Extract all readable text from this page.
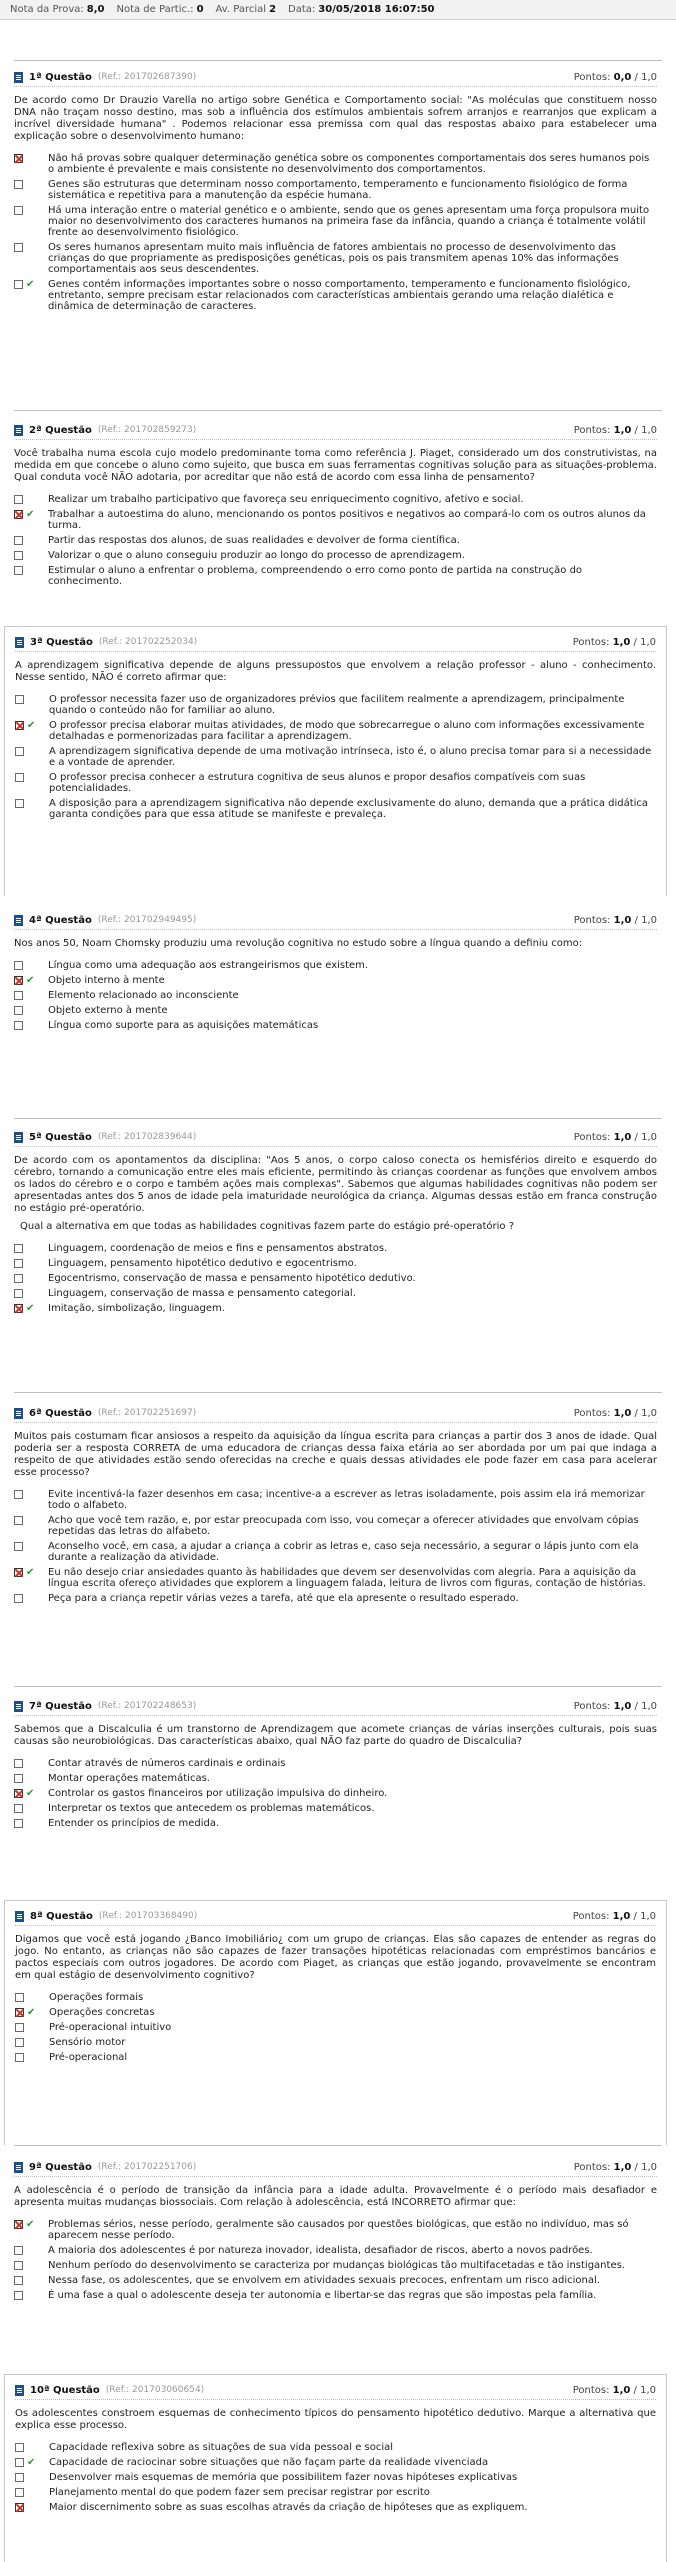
Nota da Prova: 8,0 Nota de Partic.: 0 Av. Parcial 2 Data: 30/05/2018 16:07:50
1ª Questão (Ref.: 201702687390)	Pontos: 0,0 / 1,0
De acordo como Dr Drauzio Varella no artigo sobre Genética e Comportamento social: "As moléculas que constituem nosso DNA não traçam nosso destino, mas sob a influência dos estímulos ambientais sofrem arranjos e rearranjos que explicam a incrível diversidade humana" . Podemos relacionar essa premissa com qual das respostas abaixo para estabelecer uma explicação sobre o desenvolvimento humano:
Não há provas sobre qualquer determinação genética sobre os componentes comportamentais dos seres humanos pois o ambiente é prevalente e mais consistente no desenvolvimento dos comportamentos.
Genes são estruturas que determinam nosso comportamento, temperamento e funcionamento fisiológico de forma sistemática e repetitiva para a manutenção da espécie humana.
Há uma interação entre o material genético e o ambiente, sendo que os genes apresentam uma força propulsora muito maior no desenvolvimento dos caracteres humanos na primeira fase da infância, quando a criança é totalmente volátil frente ao desenvolvimento fisiológico.
Os seres humanos apresentam muito mais influência de fatores ambientais no processo de desenvolvimento das crianças do que propriamente as predisposições genéticas, pois os pais transmitem apenas 10% das informações comportamentais aos seus descendentes.
✔ Genes contém informações importantes sobre o nosso comportamento, temperamento e funcionamento fisiológico, entretanto, sempre precisam estar relacionados com características ambientais gerando uma relação dialética e dinâmica de determinação de caracteres.
2ª Questão (Ref.: 201702859273)	Pontos: 1,0 / 1,0
Você trabalha numa escola cujo modelo predominante toma como referência J. Piaget, considerado um dos construtivistas, na medida em que concebe o aluno como sujeito, que busca em suas ferramentas cognitivas solução para as situações-problema. Qual conduta você NÃO adotaria, por acreditar que não está de acordo com essa linha de pensamento?
Realizar um trabalho participativo que favoreça seu enriquecimento cognitivo, afetivo e social.
✔ Trabalhar a autoestima do aluno, mencionando os pontos positivos e negativos ao compará-lo com os outros alunos da turma.
Partir das respostas dos alunos, de suas realidades e devolver de forma científica.
Valorizar o que o aluno conseguiu produzir ao longo do processo de aprendizagem.
Estimular o aluno a enfrentar o problema, compreendendo o erro como ponto de partida na construção do conhecimento.
3ª Questão (Ref.: 201702252034)	Pontos: 1,0 / 1,0
A aprendizagem significativa depende de alguns pressupostos que envolvem a relação professor - aluno - conhecimento. Nesse sentido, NÃO é correto afirmar que:
O professor necessita fazer uso de organizadores prévios que facilitem realmente a aprendizagem, principalmente quando o conteúdo não for familiar ao aluno.
✔ O professor precisa elaborar muitas atividades, de modo que sobrecarregue o aluno com informações excessivamente detalhadas e pormenorizadas para facilitar a aprendizagem.
A aprendizagem significativa depende de uma motivação intrínseca, isto é, o aluno precisa tomar para si a necessidade e a vontade de aprender.
O professor precisa conhecer a estrutura cognitiva de seus alunos e propor desafios compatíveis com suas potencialidades.
A disposição para a aprendizagem significativa não depende exclusivamente do aluno, demanda que a prática didática garanta condições para que essa atitude se manifeste e prevaleça.
4ª Questão (Ref.: 201702949495)	Pontos: 1,0 / 1,0
Nos anos 50, Noam Chomsky produziu uma revolução cognitiva no estudo sobre a língua quando a definiu como:
Língua como uma adequação aos estrangeirismos que existem.
✔ Objeto interno à mente
Elemento relacionado ao inconsciente
Objeto externo à mente
Língua como suporte para as aquisições matemáticas
5ª Questão (Ref.: 201702839644)	Pontos: 1,0 / 1,0
De acordo com os apontamentos da disciplina: "Aos 5 anos, o corpo caloso conecta os hemisférios direito e esquerdo do cérebro, tornando a comunicação entre eles mais eficiente, permitindo às crianças coordenar as funções que envolvem ambos os lados do cérebro e o corpo e também ações mais complexas". Sabemos que algumas habilidades cognitivas não podem ser apresentadas antes dos 5 anos de idade pela imaturidade neurológica da criança. Algumas dessas estão em franca construção no estágio pré-operatório.
Qual a alternativa em que todas as habilidades cognitivas fazem parte do estágio pré-operatório ?
Linguagem, coordenação de meios e fins e pensamentos abstratos.
Linguagem, pensamento hipotético dedutivo e egocentrismo.
Egocentrismo, conservação de massa e pensamento hipotético dedutivo.
Linguagem, conservação de massa e pensamento categorial.
✔ Imitação, simbolização, linguagem.
6ª Questão (Ref.: 201702251697)	Pontos: 1,0 / 1,0
Muitos pais costumam ficar ansiosos a respeito da aquisição da língua escrita para crianças a partir dos 3 anos de idade. Qual poderia ser a resposta CORRETA de uma educadora de crianças dessa faixa etária ao ser abordada por um pai que indaga a respeito de que atividades estão sendo oferecidas na creche e quais dessas atividades ele pode fazer em casa para acelerar esse processo?
Evite incentivá-la fazer desenhos em casa; incentive-a a escrever as letras isoladamente, pois assim ela irá memorizar todo o alfabeto.
Acho que você tem razão, e, por estar preocupada com isso, vou começar a oferecer atividades que envolvam cópias repetidas das letras do alfabeto.
Aconselho você, em casa, a ajudar a criança a cobrir as letras e, caso seja necessário, a segurar o lápis junto com ela durante a realização da atividade.
✔ Eu não desejo criar ansiedades quanto às habilidades que devem ser desenvolvidas com alegria. Para a aquisição da língua escrita ofereço atividades que explorem a linguagem falada, leitura de livros com figuras, contação de histórias.
Peça para a criança repetir várias vezes a tarefa, até que ela apresente o resultado esperado.
7ª Questão (Ref.: 201702248653)	Pontos: 1,0 / 1,0
Sabemos que a Discalculia é um transtorno de Aprendizagem que acomete crianças de várias inserções culturais, pois suas causas são neurobiológicas. Das características abaixo, qual NÃO faz parte do quadro de Discalculia?
Contar através de números cardinais e ordinais
Montar operações matemáticas.
✔ Controlar os gastos financeiros por utilização impulsiva do dinheiro.
Interpretar os textos que antecedem os problemas matemáticos.
Entender os princípios de medida.
8ª Questão (Ref.: 201703368490)	Pontos: 1,0 / 1,0
Digamos que você está jogando ¿Banco Imobiliário¿ com um grupo de crianças. Elas são capazes de entender as regras do jogo. No entanto, as crianças não são capazes de fazer transações hipotéticas relacionadas com empréstimos bancários e pactos especiais com outros jogadores. De acordo com Piaget, as crianças que estão jogando, provavelmente se encontram em qual estágio de desenvolvimento cognitivo?
Operações formais
✔ Operações concretas
Pré-operacional intuitivo
Sensório motor
Pré-operacional
9ª Questão (Ref.: 201702251706)	Pontos: 1,0 / 1,0
A adolescência é o período de transição da infância para a idade adulta. Provavelmente é o período mais desafiador e apresenta muitas mudanças biossociais. Com relação à adolescência, está INCORRETO afirmar que:
✔ Problemas sérios, nesse período, geralmente são causados por questões biológicas, que estão no indivíduo, mas só aparecem nesse período.
A maioria dos adolescentes é por natureza inovador, idealista, desafiador de riscos, aberto a novos padrões.
Nenhum período do desenvolvimento se caracteriza por mudanças biológicas tão multifacetadas e tão instigantes.
Nessa fase, os adolescentes, que se envolvem em atividades sexuais precoces, enfrentam um risco adicional.
É uma fase a qual o adolescente deseja ter autonomia e libertar-se das regras que são impostas pela família.
10ª Questão (Ref.: 201703060654)	Pontos: 1,0 / 1,0
Os adolescentes constroem esquemas de conhecimento típicos do pensamento hipotético dedutivo. Marque a alternativa que explica esse processo.
Capacidade reflexiva sobre as situações de sua vida pessoal e social
✔ Capacidade de raciocinar sobre situações que não façam parte da realidade vivenciada
Desenvolver mais esquemas de memória que possibilitem fazer novas hipóteses explicativas
Planejamento mental do que podem fazer sem precisar registrar por escrito
Maior discernimento sobre as suas escolhas através da criação de hipóteses que as expliquem.
